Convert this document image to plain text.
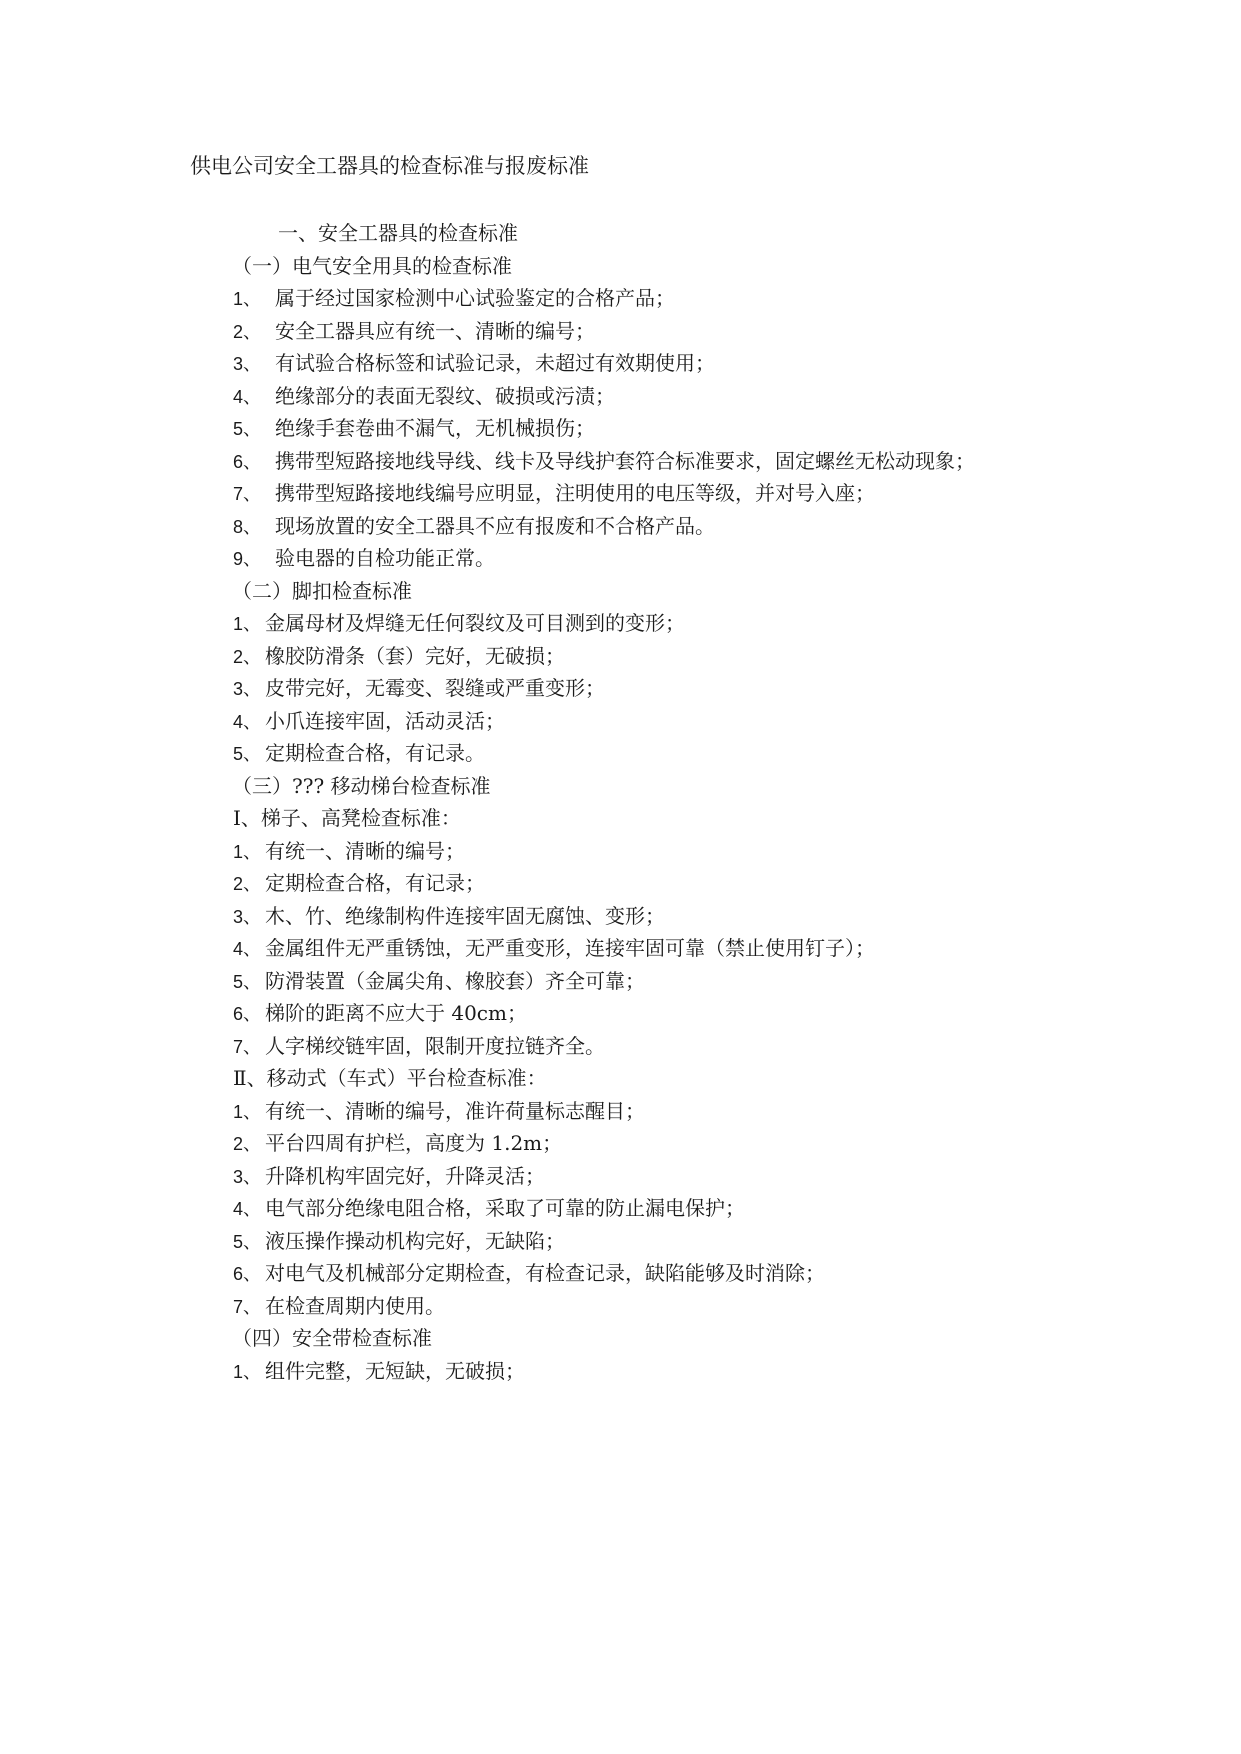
供电公司安全工器具的检查标准与报废标准
一、安全工器具的检查标准
（一）电气安全用具的检查标准
1、 属于经过国家检测中心试验鉴定的合格产品；
2、 安全工器具应有统一、清晰的编号；
3、 有试验合格标签和试验记录，未超过有效期使用；
4、 绝缘部分的表面无裂纹、破损或污渍；
5、 绝缘手套卷曲不漏气，无机械损伤；
6、 携带型短路接地线导线、线卡及导线护套符合标准要求，固定螺丝无松动现象；
7、 携带型短路接地线编号应明显，注明使用的电压等级，并对号入座；
8、 现场放置的安全工器具不应有报废和不合格产品。
9、 验电器的自检功能正常。
（二）脚扣检查标准
1、 金属母材及焊缝无任何裂纹及可目测到的变形；
2、 橡胶防滑条（套）完好，无破损；
3、 皮带完好，无霉变、裂缝或严重变形；
4、 小爪连接牢固，活动灵活；
5、 定期检查合格，有记录。
（三）??? 移动梯台检查标准
Ⅰ、梯子、高凳检查标准：
1、 有统一、清晰的编号；
2、 定期检查合格，有记录；
3、 木、竹、绝缘制构件连接牢固无腐蚀、变形；
4、 金属组件无严重锈蚀，无严重变形，连接牢固可靠（禁止使用钉子）；
5、 防滑装置（金属尖角、橡胶套）齐全可靠；
6、 梯阶的距离不应大于 40cm；
7、 人字梯绞链牢固，限制开度拉链齐全。
Ⅱ、移动式（车式）平台检查标准：
1、 有统一、清晰的编号，准许荷量标志醒目；
2、 平台四周有护栏，高度为 1.2m；
3、 升降机构牢固完好，升降灵活；
4、 电气部分绝缘电阻合格，采取了可靠的防止漏电保护；
5、 液压操作操动机构完好，无缺陷；
6、 对电气及机械部分定期检查，有检查记录，缺陷能够及时消除；
7、 在检查周期内使用。
（四）安全带检查标准
1、 组件完整，无短缺，无破损；
